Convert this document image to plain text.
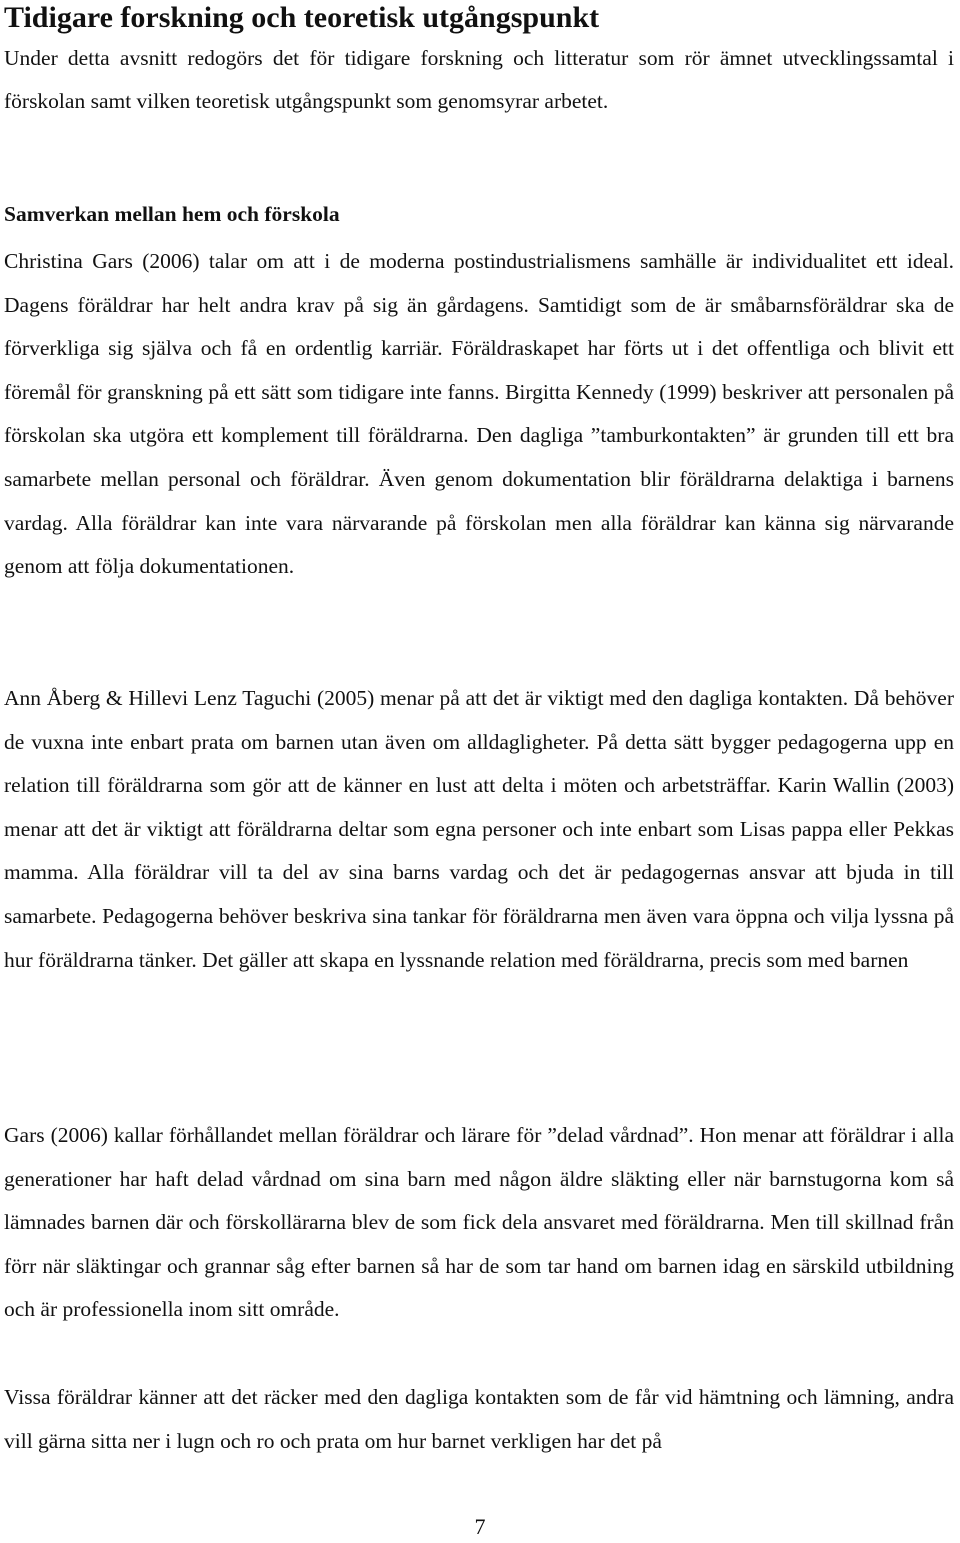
Tidigare forskning och teoretisk utgångspunkt

Under detta avsnitt redogörs det för tidigare forskning och litteratur som rör ämnet utvecklingssamtal i förskolan samt vilken teoretisk utgångspunkt som genomsyrar arbetet.

Samverkan mellan hem och förskola

Christina Gars (2006) talar om att i de moderna postindustrialismens samhälle är individualitet ett ideal. Dagens föräldrar har helt andra krav på sig än gårdagens. Samtidigt som de är småbarnsföräldrar ska de förverkliga sig själva och få en ordentlig karriär. Föräldraskapet har förts ut i det offentliga och blivit ett föremål för granskning på ett sätt som tidigare inte fanns. Birgitta Kennedy (1999) beskriver att personalen på förskolan ska utgöra ett komplement till föräldrarna. Den dagliga ”tamburkontakten” är grunden till ett bra samarbete mellan personal och föräldrar. Även genom dokumentation blir föräldrarna delaktiga i barnens vardag. Alla föräldrar kan inte vara närvarande på förskolan men alla föräldrar kan känna sig närvarande genom att följa dokumentationen.

Ann Åberg & Hillevi Lenz Taguchi (2005) menar på att det är viktigt med den dagliga kontakten. Då behöver de vuxna inte enbart prata om barnen utan även om alldagligheter. På detta sätt bygger pedagogerna upp en relation till föräldrarna som gör att de känner en lust att delta i möten och arbetsträffar. Karin Wallin (2003) menar att det är viktigt att föräldrarna deltar som egna personer och inte enbart som Lisas pappa eller Pekkas mamma. Alla föräldrar vill ta del av sina barns vardag och det är pedagogernas ansvar att bjuda in till samarbete. Pedagogerna behöver beskriva sina tankar för föräldrarna men även vara öppna och vilja lyssna på hur föräldrarna tänker. Det gäller att skapa en lyssnande relation med föräldrarna, precis som med barnen

Gars (2006) kallar förhållandet mellan föräldrar och lärare för ”delad vårdnad”. Hon menar att föräldrar i alla generationer har haft delad vårdnad om sina barn med någon äldre släkting eller när barnstugorna kom så lämnades barnen där och förskollärarna blev de som fick dela ansvaret med föräldrarna. Men till skillnad från förr när släktingar och grannar såg efter barnen så har de som tar hand om barnen idag en särskild utbildning och är professionella inom sitt område.

Vissa föräldrar känner att det räcker med den dagliga kontakten som de får vid hämtning och lämning, andra vill gärna sitta ner i lugn och ro och prata om hur barnet verkligen har det på

7
